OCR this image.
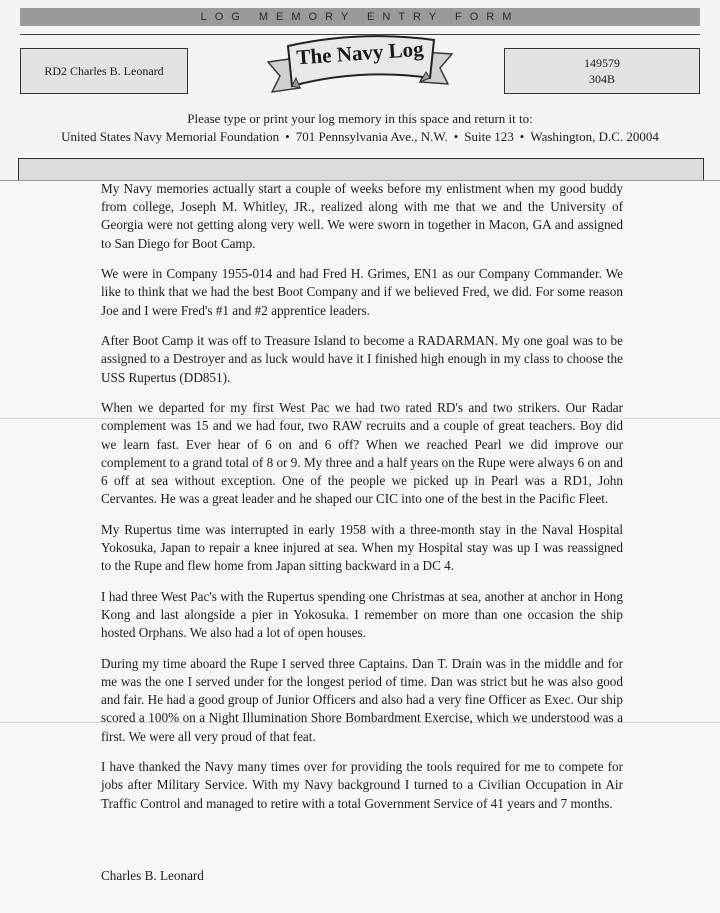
LOG MEMORY ENTRY FORM
RD2 Charles B. Leonard
The Navy Log	149579
304B
Please type or print your log memory in this space and return it to:
United States Navy Memorial Foundation • 701 Pennsylvania Ave., N.W. • Suite 123 • Washington, D.C. 20004

My Navy memories actually start a couple of weeks before my enlistment when my good buddy from college, Joseph M. Whitley, JR., realized along with me that we and the University of Georgia were not getting along very well. We were sworn in together in Macon, GA and assigned to San Diego for Boot Camp.

We were in Company 1955-014 and had Fred H. Grimes, EN1 as our Company Commander. We like to think that we had the best Boot Company and if we believed Fred, we did. For some reason Joe and I were Fred's #1 and #2 apprentice leaders.

After Boot Camp it was off to Treasure Island to become a RADARMAN. My one goal was to be assigned to a Destroyer and as luck would have it I finished high enough in my class to choose the USS Rupertus (DD851).

When we departed for my first West Pac we had two rated RD's and two strikers. Our Radar complement was 15 and we had four, two RAW recruits and a couple of great teachers. Boy did we learn fast. Ever hear of 6 on and 6 off? When we reached Pearl we did improve our complement to a grand total of 8 or 9. My three and a half years on the Rupe were always 6 on and 6 off at sea without exception. One of the people we picked up in Pearl was a RD1, John Cervantes. He was a great leader and he shaped our CIC into one of the best in the Pacific Fleet.

My Rupertus time was interrupted in early 1958 with a three-month stay in the Naval Hospital Yokosuka, Japan to repair a knee injured at sea. When my Hospital stay was up I was reassigned to the Rupe and flew home from Japan sitting backward in a DC 4.

I had three West Pac's with the Rupertus spending one Christmas at sea, another at anchor in Hong Kong and last alongside a pier in Yokosuka. I remember on more than one occasion the ship hosted Orphans. We also had a lot of open houses.

During my time aboard the Rupe I served three Captains. Dan T. Drain was in the middle and for me was the one I served under for the longest period of time. Dan was strict but he was also good and fair. He had a good group of Junior Officers and also had a very fine Officer as Exec. Our ship scored a 100% on a Night Illumination Shore Bombardment Exercise, which we understood was a first. We were all very proud of that feat.

I have thanked the Navy many times over for providing the tools required for me to compete for jobs after Military Service. With my Navy background I turned to a Civilian Occupation in Air Traffic Control and managed to retire with a total Government Service of 41 years and 7 months.

Charles B. Leonard
